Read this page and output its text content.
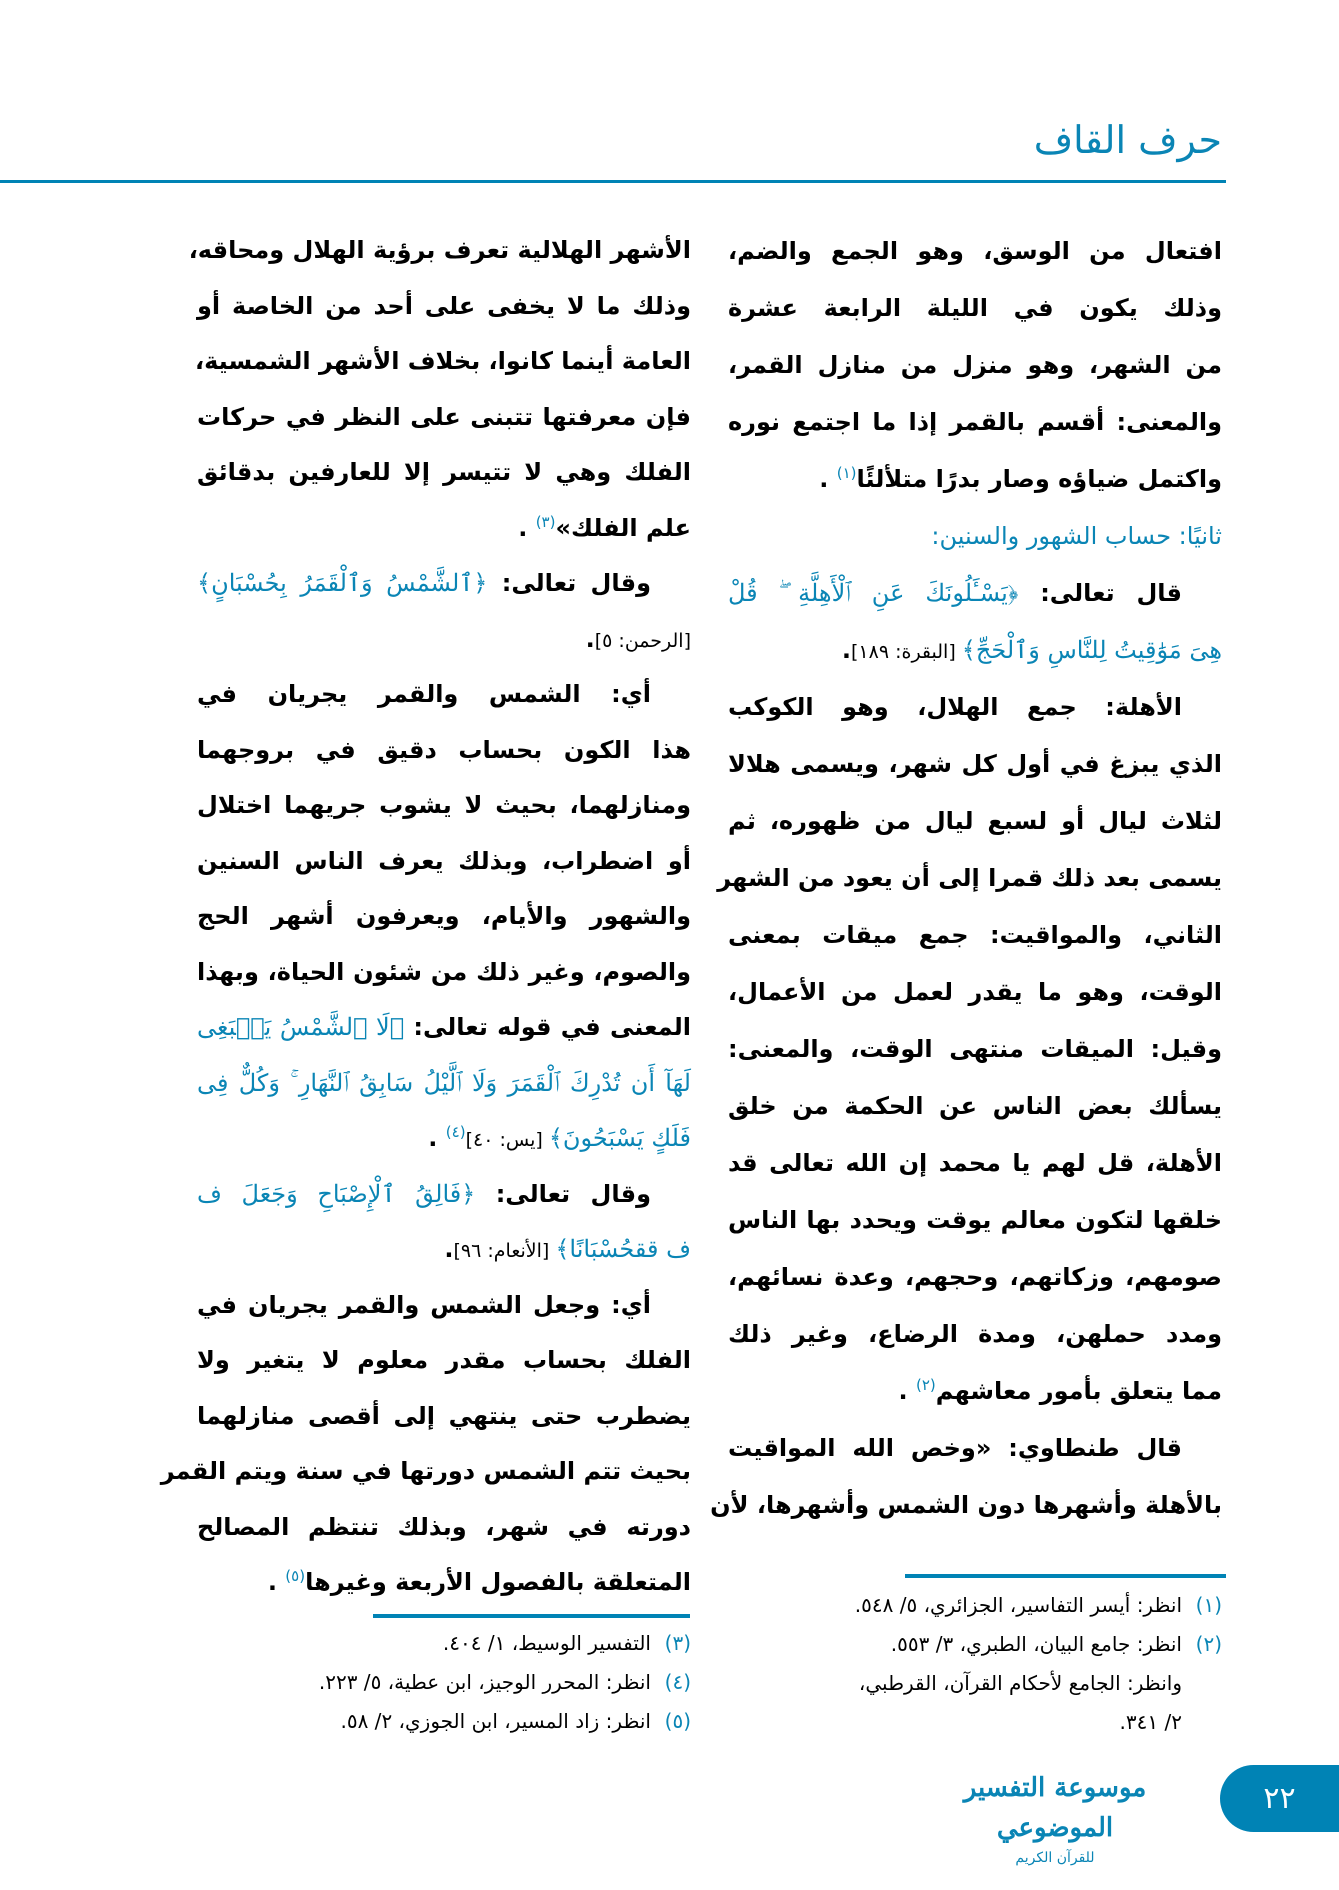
حرف القاف
افتعال من الوسق، وهو الجمع والضم،
وذلك يكون في الليلة الرابعة عشرة
من الشهر، وهو منزل من منازل القمر،
والمعنى: أقسم بالقمر إذا ما اجتمع نوره
واكتمل ضياؤه وصار بدرًا متلألئًا$^{(١)}$ .
ثانيًا: حساب الشهور والسنين:
قال تعالى: ﴿يَسْـَٔلُونَكَ عَنِ ٱلْأَهِلَّةِ ۖ قُلْ
هِىَ مَوَٰقِيتُ لِلنَّاسِ وَٱلْحَجِّ﴾ [البقرة: ١٨٩].
الأهلة: جمع الهلال، وهو الكوكب
الذي يبزغ في أول كل شهر، ويسمى هلالا
لثلاث ليال أو لسبع ليال من ظهوره، ثم
يسمى بعد ذلك قمرا إلى أن يعود من الشهر
الثاني، والمواقيت: جمع ميقات بمعنى
الوقت، وهو ما يقدر لعمل من الأعمال،
وقيل: الميقات منتهى الوقت، والمعنى:
يسألك بعض الناس عن الحكمة من خلق
الأهلة، قل لهم يا محمد إن الله تعالى قد
خلقها لتكون معالم يوقت ويحدد بها الناس
صومهم، وزكاتهم، وحجهم، وعدة نسائهم،
ومدد حملهن، ومدة الرضاع، وغير ذلك
مما يتعلق بأمور معاشهم$^{(٢)}$ .
قال طنطاوي: «وخص الله المواقيت
بالأهلة وأشهرها دون الشمس وأشهرها، لأن
الأشهر الهلالية تعرف برؤية الهلال ومحاقه،
وذلك ما لا يخفى على أحد من الخاصة أو
العامة أينما كانوا، بخلاف الأشهر الشمسية،
فإن معرفتها تتبنى على النظر في حركات
الفلك وهي لا تتيسر إلا للعارفين بدقائق
علم الفلك»$^{(٣)}$ .
وقال تعالى: ﴿ٱلشَّمْسُ وَٱلْقَمَرُ بِحُسْبَانٍ﴾
[الرحمن: ٥].
أي: الشمس والقمر يجريان في
هذا الكون بحساب دقيق في بروجهما
ومنازلهما، بحيث لا يشوب جريهما اختلال
أو اضطراب، وبذلك يعرف الناس السنين
والشهور والأيام، ويعرفون أشهر الحج
والصوم، وغير ذلك من شئون الحياة، وبهذا
المعنى في قوله تعالى: ﴿لَا ٱلشَّمْسُ يَنۢبَغِى
لَهَآ أَن تُدْرِكَ ٱلْقَمَرَ وَلَا ٱلَّيْلُ سَابِقُ ٱلنَّهَارِ ۚ وَكُلٌّ فِى
فَلَكٍ يَسْبَحُونَ﴾ [يس: ٤٠]$^{(٤)}$ .
وقال تعالى: ﴿فَالِقُ ٱلْإِصْبَاحِ وَجَعَلَ ف
ف ققحُسْبَانًا﴾ [الأنعام: ٩٦].
أي: وجعل الشمس والقمر يجريان في
الفلك بحساب مقدر معلوم لا يتغير ولا
يضطرب حتى ينتهي إلى أقصى منازلهما
بحيث تتم الشمس دورتها في سنة ويتم القمر
دورته في شهر، وبذلك تنتظم المصالح
المتعلقة بالفصول الأربعة وغيرها$^{(٥)}$ .
(١)انظر: أيسر التفاسير، الجزائري، ٥/ ٥٤٨.
(٢)انظر: جامع البيان، الطبري، ٣/ ٥٥٣.
وانظر: الجامع لأحكام القرآن، القرطبي،
٢/ ٣٤١.
(٣)التفسير الوسيط، ١/ ٤٠٤.
(٤)انظر: المحرر الوجيز، ابن عطية، ٥/ ٢٢٣.
(٥)انظر: زاد المسير، ابن الجوزي، ٢/ ٥٨.
موسوعة التفسير الموضوعي
للقرآن الكريم
٢٢
